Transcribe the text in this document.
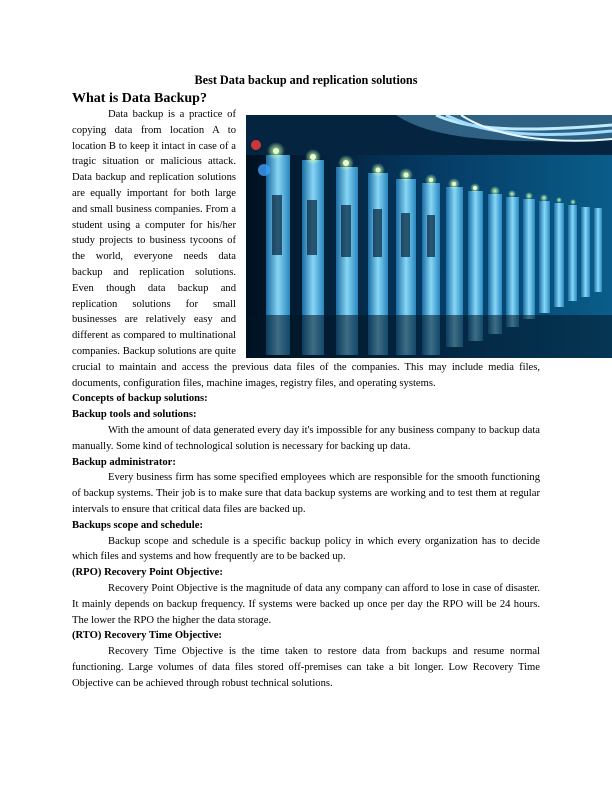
Best Data backup and replication solutions
What is Data Backup?

Data backup is a practice of copying data from location A to location B to keep it intact in case of a tragic situation or malicious attack. Data backup and replication solutions are equally important for both large and small business companies. From a student using a computer for his/her study projects to business tycoons of the world, everyone needs data backup and replication solutions. Even though data backup and replication solutions for small businesses are relatively easy and different as compared to multinational companies. Backup solutions are quite crucial to maintain and access the previous data files of the companies. This may include media files, documents, configuration files, machine images, registry files, and operating systems.

Concepts of backup solutions:

Backup tools and solutions:

With the amount of data generated every day it's impossible for any business company to backup data manually. Some kind of technological solution is necessary for backing up data.

Backup administrator:

Every business firm has some specified employees which are responsible for the smooth functioning of backup systems. Their job is to make sure that data backup systems are working and to test them at regular intervals to ensure that critical data files are backed up.

Backups scope and schedule:

Backup scope and schedule is a specific backup policy in which every organization has to decide which files and systems and how frequently are to be backed up.

(RPO) Recovery Point Objective:

Recovery Point Objective is the magnitude of data any company can afford to lose in case of disaster. It mainly depends on backup frequency. If systems were backed up once per day the RPO will be 24 hours. The lower the RPO the higher the data storage.

(RTO) Recovery Time Objective:

Recovery Time Objective is the time taken to restore data from backups and resume normal functioning. Large volumes of data files stored off-premises can take a bit longer. Low Recovery Time Objective can be achieved through robust technical solutions.
